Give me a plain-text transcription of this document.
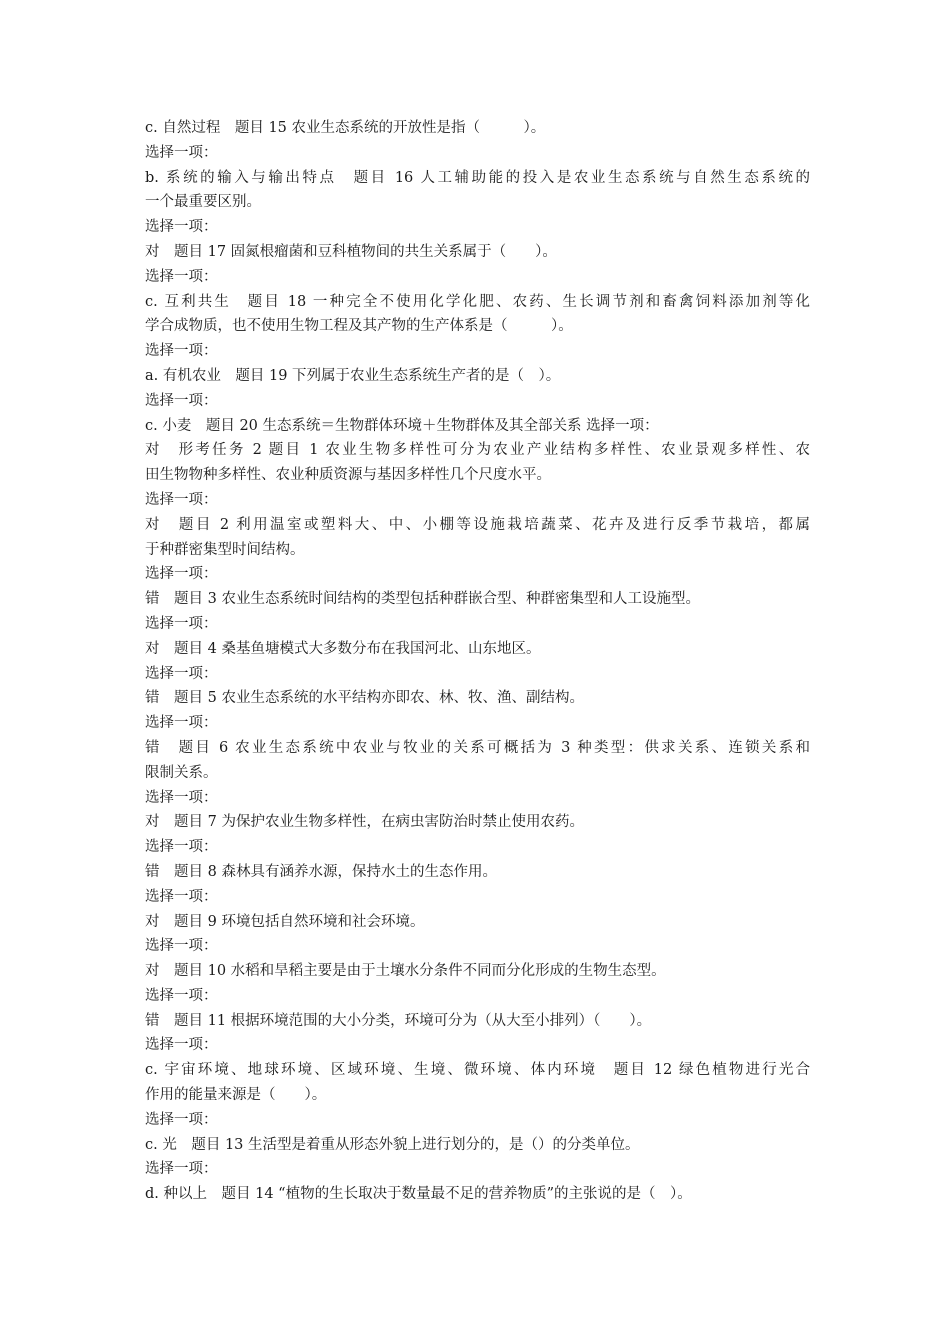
c. 自然过程　题目 15 农业生态系统的开放性是指（　　　）。
选择一项：
b. 系统的输入与输出特点　题目 16 人工辅助能的投入是农业生态系统与自然生态系统的
一个最重要区别。
选择一项：
对　题目 17 固氮根瘤菌和豆科植物间的共生关系属于（　　）。
选择一项：
c. 互利共生　题目 18 一种完全不使用化学化肥、农药、生长调节剂和畜禽饲料添加剂等化
学合成物质，也不使用生物工程及其产物的生产体系是（　　　）。
选择一项：
a. 有机农业　题目 19 下列属于农业生态系统生产者的是（　）。
选择一项：
c. 小麦　题目 20 生态系统＝生物群体环境＋生物群体及其全部关系 选择一项：
对　形考任务 2 题目 1 农业生物多样性可分为农业产业结构多样性、农业景观多样性、农
田生物物种多样性、农业种质资源与基因多样性几个尺度水平。
选择一项：
对　题目 2 利用温室或塑料大、中、小棚等设施栽培蔬菜、花卉及进行反季节栽培，都属
于种群密集型时间结构。
选择一项：
错　题目 3 农业生态系统时间结构的类型包括种群嵌合型、种群密集型和人工设施型。
选择一项：
对　题目 4 桑基鱼塘模式大多数分布在我国河北、山东地区。
选择一项：
错　题目 5 农业生态系统的水平结构亦即农、林、牧、渔、副结构。
选择一项：
错　题目 6 农业生态系统中农业与牧业的关系可概括为 3 种类型：供求关系、连锁关系和
限制关系。
选择一项：
对　题目 7 为保护农业生物多样性，在病虫害防治时禁止使用农药。
选择一项：
错　题目 8 森林具有涵养水源，保持水土的生态作用。
选择一项：
对　题目 9 环境包括自然环境和社会环境。
选择一项：
对　题目 10 水稻和旱稻主要是由于土壤水分条件不同而分化形成的生物生态型。
选择一项：
错　题目 11 根据环境范围的大小分类，环境可分为（从大至小排列）（　　）。
选择一项：
c. 宇宙环境、地球环境、区域环境、生境、微环境、体内环境　题目 12 绿色植物进行光合
作用的能量来源是（　　）。
选择一项：
c. 光　题目 13 生活型是着重从形态外貌上进行划分的，是（）的分类单位。
选择一项：
d. 种以上　题目 14 “植物的生长取决于数量最不足的营养物质”的主张说的是（　）。
